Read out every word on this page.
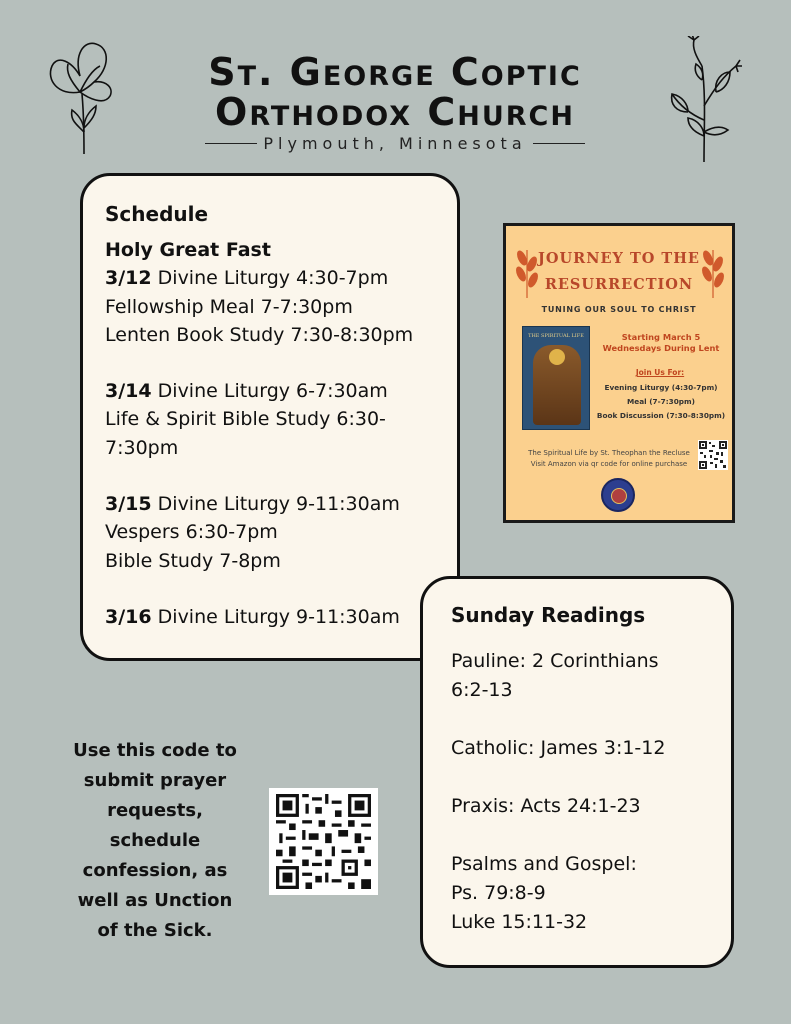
St. George Coptic
Orthodox Church
Plymouth, Minnesota
Schedule
Holy Great Fast
3/12 Divine Liturgy 4:30-7pm
Fellowship Meal 7-7:30pm
Lenten Book Study 7:30-8:30pm
3/14 Divine Liturgy 6-7:30am
Life & Spirit Bible Study 6:30-
7:30pm
3/15 Divine Liturgy 9-11:30am
Vespers 6:30-7pm
Bible Study 7-8pm
3/16 Divine Liturgy 9-11:30am
JOURNEY TO THE
RESURRECTION
TUNING OUR SOUL TO CHRIST
THE SPIRITUAL LIFE	Starting March 5
Wednesdays During Lent
Join Us For:
Evening Liturgy (4:30-7pm)
Meal (7-7:30pm)
Book Discussion (7:30-8:30pm)
The Spiritual Life by St. Theophan the Recluse
Visit Amazon via qr code for online purchase
Sunday Readings
Pauline: 2 Corinthians
6:2-13
Catholic: James 3:1-12
Praxis: Acts 24:1-23
Psalms and Gospel:
Ps. 79:8-9
Luke 15:11-32
Use this code to
submit prayer
requests,
schedule
confession, as
well as Unction
of the Sick.
